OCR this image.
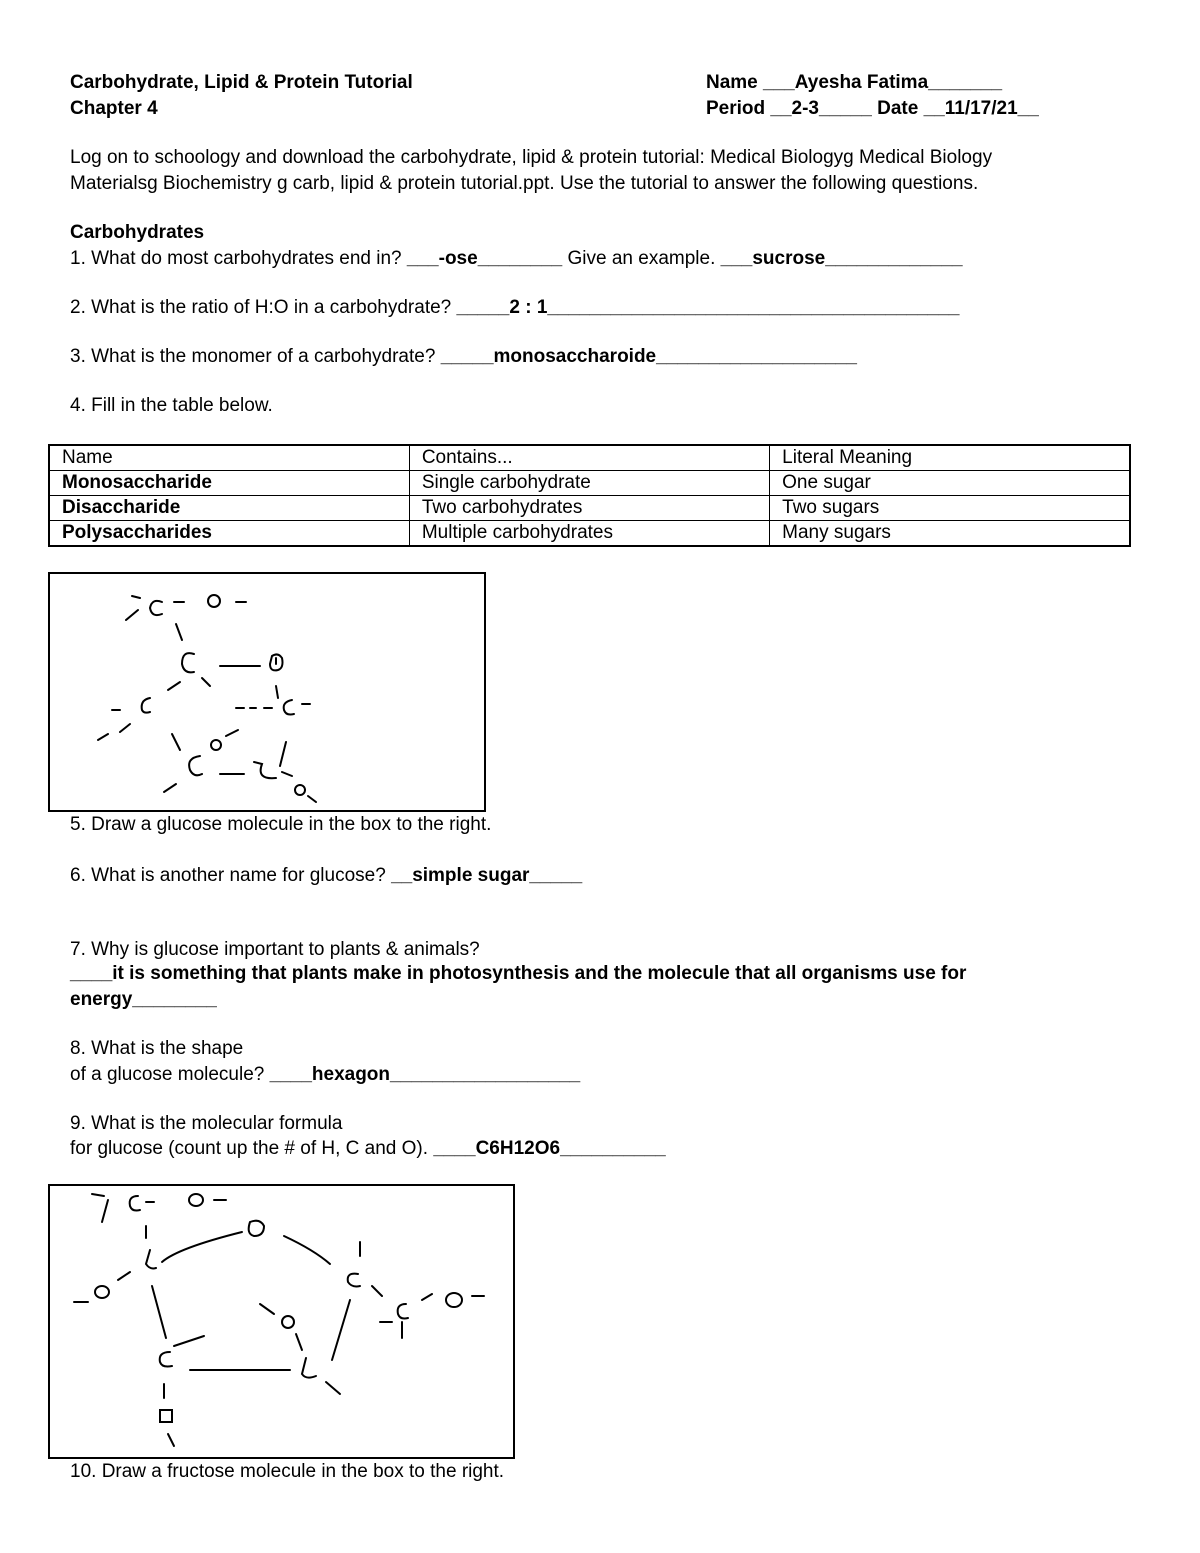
Carbohydrate, Lipid & Protein Tutorial
Chapter 4
Name ___Ayesha Fatima_______
Period __2-3_____ Date __11/17/21__
Log on to schoology and download the carbohydrate, lipid & protein tutorial: Medical Biologyg Medical Biology
Materialsg Biochemistry g carb, lipid & protein tutorial.ppt. Use the tutorial to answer the following questions.
Carbohydrates
1. What do most carbohydrates end in? ___-ose________ Give an example. ___sucrose_____________
2. What is the ratio of H:O in a carbohydrate? _____2 : 1_______________________________________
3. What is the monomer of a carbohydrate? _____monosaccharoide___________________
4. Fill in the table below.
Name	Contains...	Literal Meaning
Monosaccharide	Single carbohydrate	One sugar
Disaccharide	Two carbohydrates	Two sugars
Polysaccharides	Multiple carbohydrates	Many sugars
5. Draw a glucose molecule in the box to the right.
6. What is another name for glucose? __simple sugar_____
7. Why is glucose important to plants & animals?
____it is something that plants make in photosynthesis and the molecule that all organisms use for
energy________
8. What is the shape
of a glucose molecule? ____hexagon__________________
9. What is the molecular formula
for glucose (count up the # of H, C and O). ____C6H12O6__________
10. Draw a fructose molecule in the box to the right.
